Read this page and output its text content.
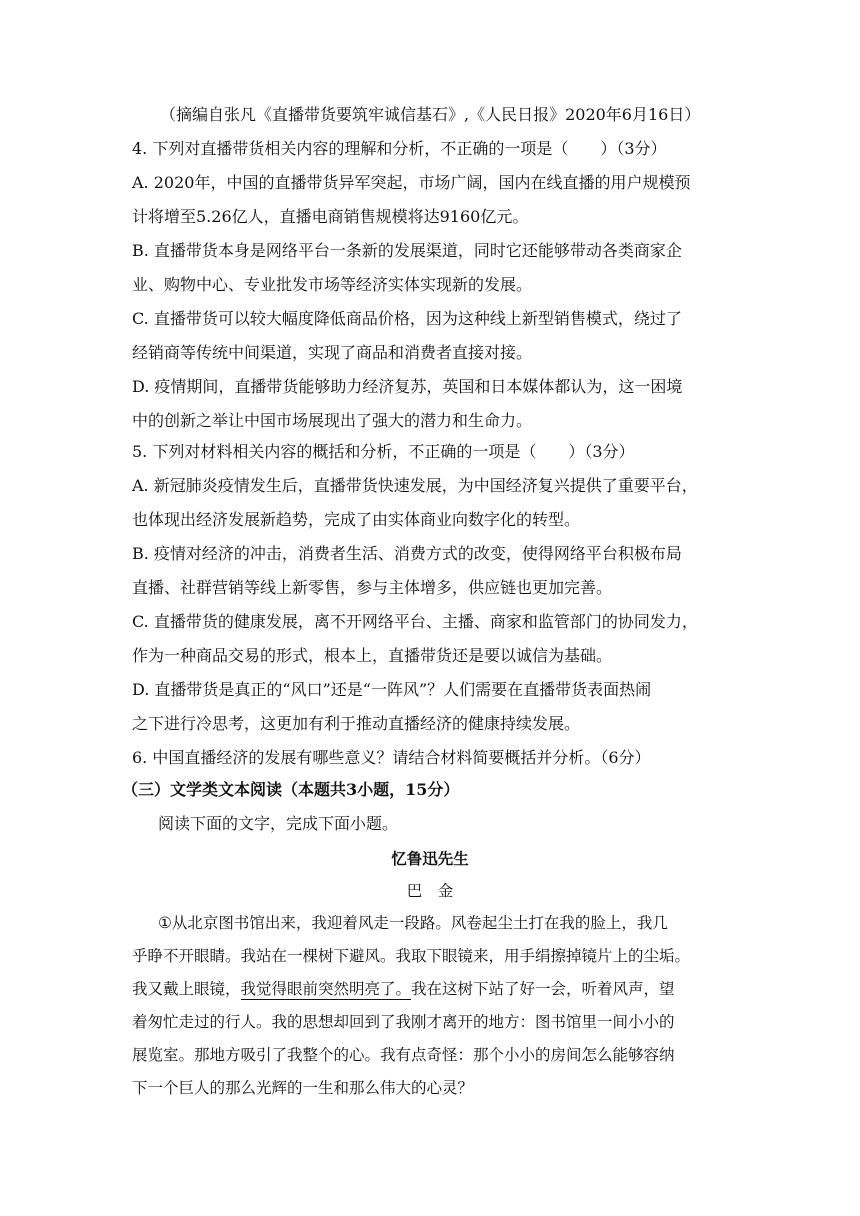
（摘编自张凡《直播带货要筑牢诚信基石》,《人民日报》2020年6月16日）
4. 下列对直播带货相关内容的理解和分析，不正确的一项是（　　）（3分）
A. 2020年，中国的直播带货异军突起，市场广阔，国内在线直播的用户规模预
计将增至5.26亿人，直播电商销售规模将达9160亿元。
B. 直播带货本身是网络平台一条新的发展渠道，同时它还能够带动各类商家企
业、购物中心、专业批发市场等经济实体实现新的发展。
C. 直播带货可以较大幅度降低商品价格，因为这种线上新型销售模式，绕过了
经销商等传统中间渠道，实现了商品和消费者直接对接。
D. 疫情期间，直播带货能够助力经济复苏，英国和日本媒体都认为，这一困境
中的创新之举让中国市场展现出了强大的潜力和生命力。
5. 下列对材料相关内容的概括和分析，不正确的一项是（　　）（3分）
A. 新冠肺炎疫情发生后，直播带货快速发展，为中国经济复兴提供了重要平台，
也体现出经济发展新趋势，完成了由实体商业向数字化的转型。
B. 疫情对经济的冲击，消费者生活、消费方式的改变，使得网络平台积极布局
直播、社群营销等线上新零售，参与主体增多，供应链也更加完善。
C. 直播带货的健康发展，离不开网络平台、主播、商家和监管部门的协同发力，
作为一种商品交易的形式，根本上，直播带货还是要以诚信为基础。
D. 直播带货是真正的“风口”还是“一阵风”？人们需要在直播带货表面热闹
之下进行冷思考，这更加有利于推动直播经济的健康持续发展。
6. 中国直播经济的发展有哪些意义？请结合材料简要概括并分析。（6分）
（三）文学类文本阅读（本题共3小题，15分）
阅读下面的文字，完成下面小题。
忆鲁迅先生
巴　金
①从北京图书馆出来，我迎着风走一段路。风卷起尘土打在我的脸上，我几
乎睁不开眼睛。我站在一棵树下避风。我取下眼镜来，用手绢擦掉镜片上的尘垢。
我又戴上眼镜，我觉得眼前突然明亮了。我在这树下站了好一会，听着风声，望
着匆忙走过的行人。我的思想却回到了我刚才离开的地方：图书馆里一间小小的
展览室。那地方吸引了我整个的心。我有点奇怪：那个小小的房间怎么能够容纳
下一个巨人的那么光辉的一生和那么伟大的心灵？
